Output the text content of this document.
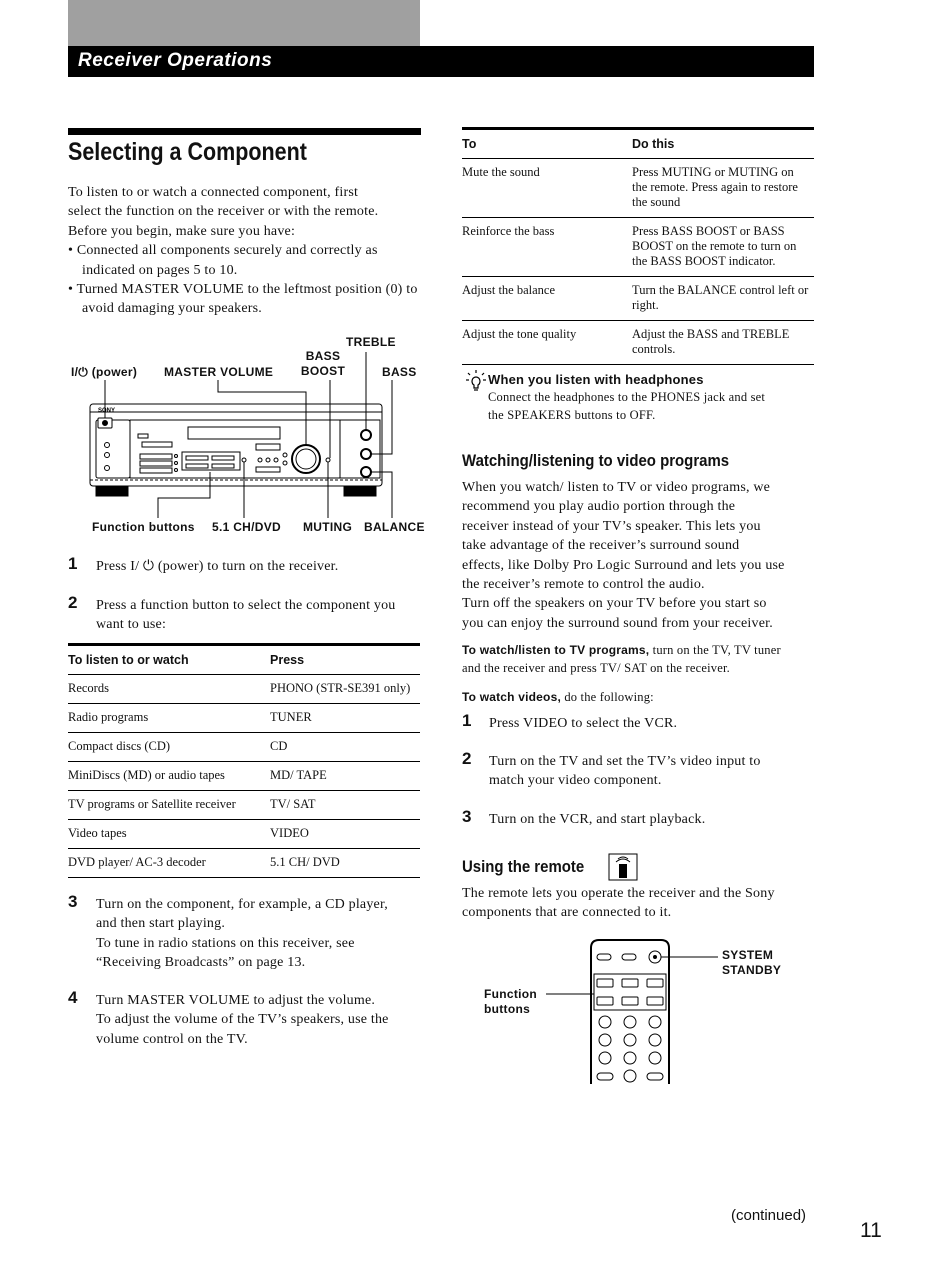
Receiver Operations
Selecting a Component

To listen to or watch a connected component, first

select the function on the receiver or with the remote.

Before you begin, make sure you have:

• Connected all components securely and correctly as indicated on pages 5 to 10.

• Turned MASTER VOLUME to the leftmost position (0) to avoid damaging your speakers.

SONY
I/⏻ (power) MASTER VOLUME
BASS BOOST
TREBLE
BASS
Function buttons 5.1 CH/DVD MUTING BALANCE
1 Press I/ ⏻ (power) to turn on the receiver.
2 Press a function button to select the component you want to use:
To listen to or watch	Press
Records	PHONO (STR-SE391 only)
Radio programs	TUNER
Compact discs (CD)	CD
MiniDiscs (MD) or audio tapes	MD/ TAPE
TV programs or Satellite receiver	TV/ SAT
Video tapes	VIDEO
DVD player/ AC-3 decoder	5.1 CH/ DVD
3 Turn on the component, for example, a CD player,
and then start playing.
To tune in radio stations on this receiver, see
“Receiving Broadcasts” on page 13.
4 Turn MASTER VOLUME to adjust the volume.
To adjust the volume of the TV’s speakers, use the
volume control on the TV.
To	Do this
Mute the sound	Press MUTING or MUTING on the remote. Press again to restore the sound
Reinforce the bass	Press BASS BOOST or BASS BOOST on the remote to turn on the BASS BOOST indicator.
Adjust the balance	Turn the BALANCE control left or right.
Adjust the tone quality	Adjust the BASS and TREBLE controls.
When you listen with headphones
Connect the headphones to the PHONES jack and set
the SPEAKERS buttons to OFF.
Watching/listening to video programs

When you watch/ listen to TV or video programs, we

recommend you play audio portion through the

receiver instead of your TV’s speaker. This lets you

take advantage of the receiver’s surround sound

effects, like Dolby Pro Logic Surround and lets you use

the receiver’s remote to control the audio.

Turn off the speakers on your TV before you start so

you can enjoy the surround sound from your receiver.

To watch/listen to TV programs, turn on the TV, TV tuner
and the receiver and press TV/ SAT on the receiver.
To watch videos, do the following:
1 Press VIDEO to select the VCR.
2 Turn on the TV and set the TV’s video input to
match your video component.
3 Turn on the VCR, and start playback.
Using the remote

The remote lets you operate the receiver and the Sony

components that are connected to it.

SYSTEM
STANDBY
Function
buttons
(continued)
11
